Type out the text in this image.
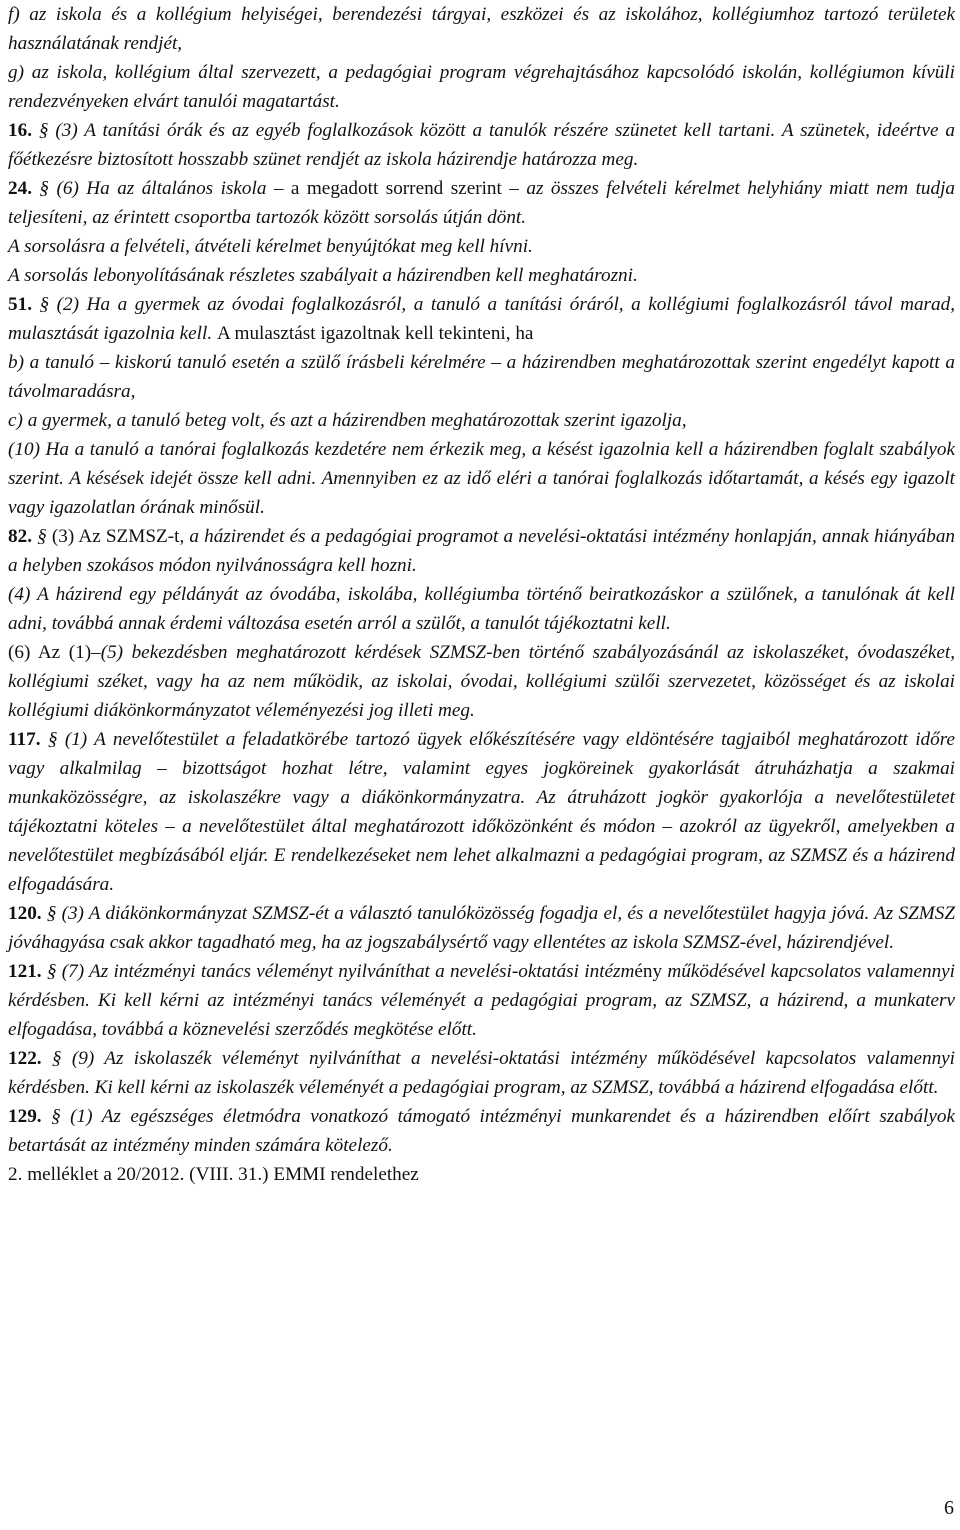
f) az iskola és a kollégium helyiségei, berendezési tárgyai, eszközei és az iskolához, kollégiumhoz tartozó területek használatának rendjét,

g) az iskola, kollégium által szervezett, a pedagógiai program végrehajtásához kapcsolódó iskolán, kollégiumon kívüli rendezvényeken elvárt tanulói magatartást.

16. § (3) A tanítási órák és az egyéb foglalkozások között a tanulók részére szünetet kell tartani. A szünetek, ideértve a főétkezésre biztosított hosszabb szünet rendjét az iskola házirendje határozza meg.

24. § (6) Ha az általános iskola – a megadott sorrend szerint – az összes felvételi kérelmet helyhiány miatt nem tudja teljesíteni, az érintett csoportba tartozók között sorsolás útján dönt.

A sorsolásra a felvételi, átvételi kérelmet benyújtókat meg kell hívni.

A sorsolás lebonyolításának részletes szabályait a házirendben kell meghatározni.

51. § (2) Ha a gyermek az óvodai foglalkozásról, a tanuló a tanítási óráról, a kollégiumi foglalkozásról távol marad, mulasztását igazolnia kell. A mulasztást igazoltnak kell tekinteni, ha

b) a tanuló – kiskorú tanuló esetén a szülő írásbeli kérelmére – a házirendben meghatározottak szerint engedélyt kapott a távolmaradásra,

c) a gyermek, a tanuló beteg volt, és azt a házirendben meghatározottak szerint igazolja,

(10) Ha a tanuló a tanórai foglalkozás kezdetére nem érkezik meg, a késést igazolnia kell a házirendben foglalt szabályok szerint. A késések idejét össze kell adni. Amennyiben ez az idő eléri a tanórai foglalkozás időtartamát, a késés egy igazolt vagy igazolatlan órának minősül.

82. § (3) Az SZMSZ-t, a házirendet és a pedagógiai programot a nevelési-oktatási intézmény honlapján, annak hiányában a helyben szokásos módon nyilvánosságra kell hozni.

(4) A házirend egy példányát az óvodába, iskolába, kollégiumba történő beiratkozáskor a szülőnek, a tanulónak át kell adni, továbbá annak érdemi változása esetén arról a szülőt, a tanulót tájékoztatni kell.

(6) Az (1)–(5) bekezdésben meghatározott kérdések SZMSZ-ben történő szabályozásánál az iskolaszéket, óvodaszéket, kollégiumi széket, vagy ha az nem működik, az iskolai, óvodai, kollégiumi szülői szervezetet, közösséget és az iskolai kollégiumi diákönkormányzatot véleményezési jog illeti meg.

117. § (1) A nevelőtestület a feladatkörébe tartozó ügyek előkészítésére vagy eldöntésére tagjaiból meghatározott időre vagy alkalmilag – bizottságot hozhat létre, valamint egyes jogköreinek gyakorlását átruházhatja a szakmai munkaközösségre, az iskolaszékre vagy a diákönkormányzatra. Az átruházott jogkör gyakorlója a nevelőtestületet tájékoztatni köteles – a nevelőtestület által meghatározott időközönként és módon – azokról az ügyekről, amelyekben a nevelőtestület megbízásából eljár. E rendelkezéseket nem lehet alkalmazni a pedagógiai program, az SZMSZ és a házirend elfogadására.

120. § (3) A diákönkormányzat SZMSZ-ét a választó tanulóközösség fogadja el, és a nevelőtestület hagyja jóvá. Az SZMSZ jóváhagyása csak akkor tagadható meg, ha az jogszabálysértő vagy ellentétes az iskola SZMSZ-ével, házirendjével.

121. § (7) Az intézményi tanács véleményt nyilváníthat a nevelési-oktatási intézmény működésével kapcsolatos valamennyi kérdésben. Ki kell kérni az intézményi tanács véleményét a pedagógiai program, az SZMSZ, a házirend, a munkaterv elfogadása, továbbá a köznevelési szerződés megkötése előtt.

122. § (9) Az iskolaszék véleményt nyilváníthat a nevelési-oktatási intézmény működésével kapcsolatos valamennyi kérdésben. Ki kell kérni az iskolaszék véleményét a pedagógiai program, az SZMSZ, továbbá a házirend elfogadása előtt.

129. § (1) Az egészséges életmódra vonatkozó támogató intézményi munkarendet és a házirendben előírt szabályok betartását az intézmény minden számára kötelező.

2. melléklet a 20/2012. (VIII. 31.) EMMI rendelethez

6
